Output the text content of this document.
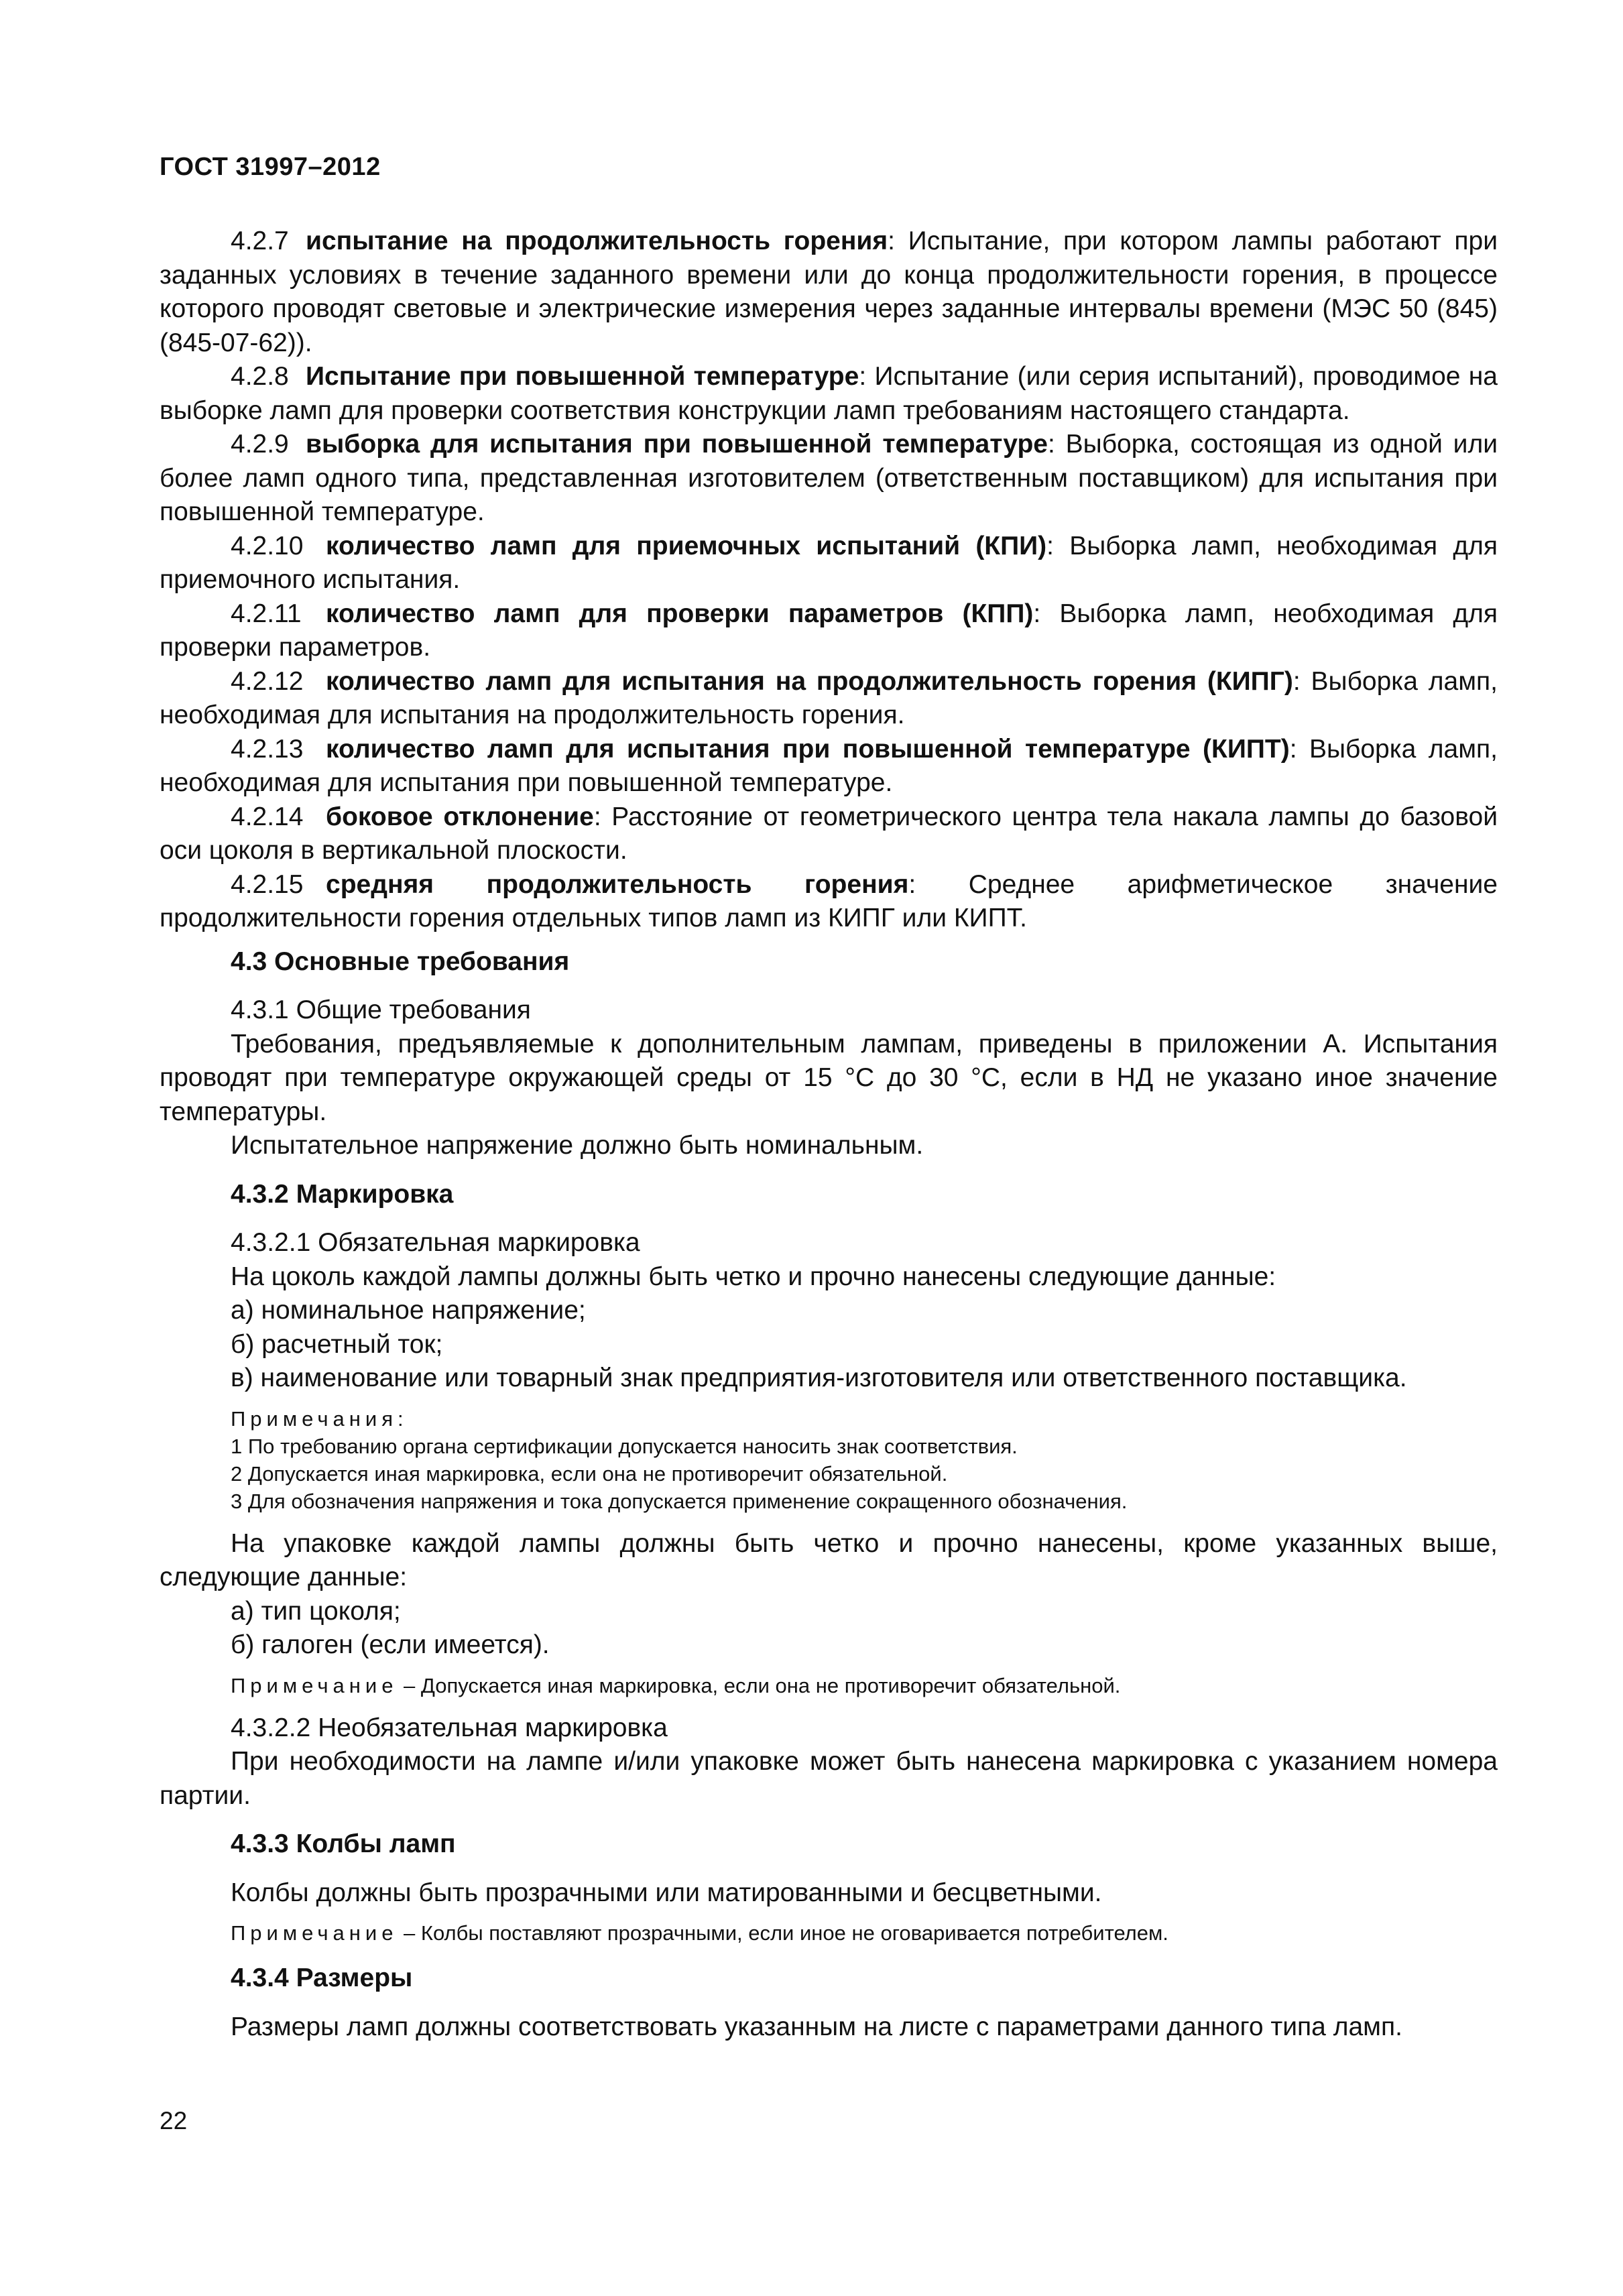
ГОСТ 31997–2012

4.2.7 испытание на продолжительность горения: Испытание, при котором лампы работают при заданных условиях в течение заданного времени или до конца продолжительности горения, в процессе которого проводят световые и электрические измерения через заданные интервалы времени (МЭС 50 (845) (845-07-62)).

4.2.8 Испытание при повышенной температуре: Испытание (или серия испытаний), проводимое на выборке ламп для проверки соответствия конструкции ламп требованиям настоящего стандарта.

4.2.9 выборка для испытания при повышенной температуре: Выборка, состоящая из одной или более ламп одного типа, представленная изготовителем (ответственным поставщиком) для испытания при повышенной температуре.

4.2.10 количество ламп для приемочных испытаний (КПИ): Выборка ламп, необходимая для приемочного испытания.

4.2.11 количество ламп для проверки параметров (КПП): Выборка ламп, необходимая для проверки параметров.

4.2.12 количество ламп для испытания на продолжительность горения (КИПГ): Выборка ламп, необходимая для испытания на продолжительность горения.

4.2.13 количество ламп для испытания при повышенной температуре (КИПТ): Выборка ламп, необходимая для испытания при повышенной температуре.

4.2.14 боковое отклонение: Расстояние от геометрического центра тела накала лампы до базовой оси цоколя в вертикальной плоскости.

4.2.15 средняя продолжительность горения: Среднее арифметическое значение продолжительности горения отдельных типов ламп из КИПГ или КИПТ.

4.3 Основные требования

4.3.1 Общие требования

Требования, предъявляемые к дополнительным лампам, приведены в приложении А. Испытания проводят при температуре окружающей среды от 15 °С до 30 °С, если в НД не указано иное значение температуры.

Испытательное напряжение должно быть номинальным.

4.3.2 Маркировка

4.3.2.1 Обязательная маркировка

На цоколь каждой лампы должны быть четко и прочно нанесены следующие данные:

а) номинальное напряжение;

б) расчетный ток;

в) наименование или товарный знак предприятия-изготовителя или ответственного поставщика.

Примечания:

1 По требованию органа сертификации допускается наносить знак соответствия.

2 Допускается иная маркировка, если она не противоречит обязательной.

3 Для обозначения напряжения и тока допускается применение сокращенного обозначения.

На упаковке каждой лампы должны быть четко и прочно нанесены, кроме указанных выше, следующие данные:

а) тип цоколя;

б) галоген (если имеется).

Примечание – Допускается иная маркировка, если она не противоречит обязательной.

4.3.2.2 Необязательная маркировка

При необходимости на лампе и/или упаковке может быть нанесена маркировка с указанием номера партии.

4.3.3 Колбы ламп

Колбы должны быть прозрачными или матированными и бесцветными.

Примечание – Колбы поставляют прозрачными, если иное не оговаривается потребителем.

4.3.4 Размеры

Размеры ламп должны соответствовать указанным на листе с параметрами данного типа ламп.

22
